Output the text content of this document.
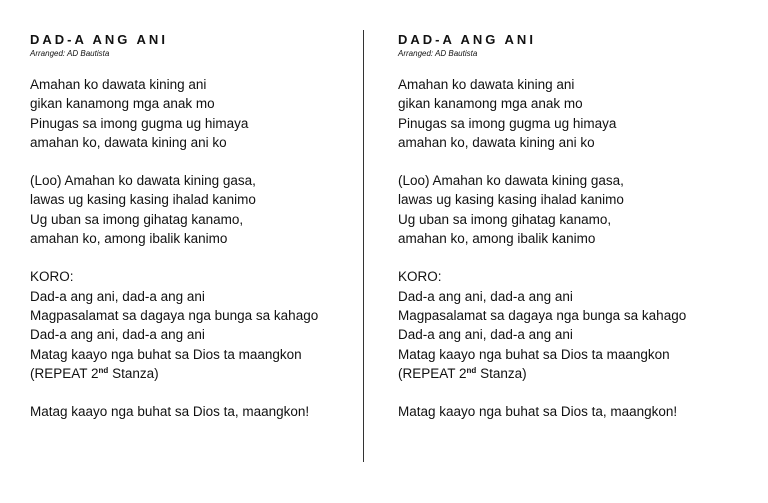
DAD-A ANG ANI
Arranged: AD Bautista
Amahan ko dawata kining ani
gikan kanamong mga anak mo
Pinugas sa imong gugma ug himaya
amahan ko, dawata kining ani ko
(Loo) Amahan ko dawata kining gasa,
lawas ug kasing kasing ihalad kanimo
Ug uban sa imong gihatag kanamo,
amahan ko, among ibalik kanimo
KORO:
Dad-a ang ani, dad-a ang ani
Magpasalamat sa dagaya nga bunga sa kahago
Dad-a ang ani, dad-a ang ani
Matag kaayo nga buhat sa Dios ta maangkon
(REPEAT 2nd Stanza)
Matag kaayo nga buhat sa Dios ta, maangkon!
DAD-A ANG ANI
Arranged: AD Bautista
Amahan ko dawata kining ani
gikan kanamong mga anak mo
Pinugas sa imong gugma ug himaya
amahan ko, dawata kining ani ko
(Loo) Amahan ko dawata kining gasa,
lawas ug kasing kasing ihalad kanimo
Ug uban sa imong gihatag kanamo,
amahan ko, among ibalik kanimo
KORO:
Dad-a ang ani, dad-a ang ani
Magpasalamat sa dagaya nga bunga sa kahago
Dad-a ang ani, dad-a ang ani
Matag kaayo nga buhat sa Dios ta maangkon
(REPEAT 2nd Stanza)
Matag kaayo nga buhat sa Dios ta, maangkon!
